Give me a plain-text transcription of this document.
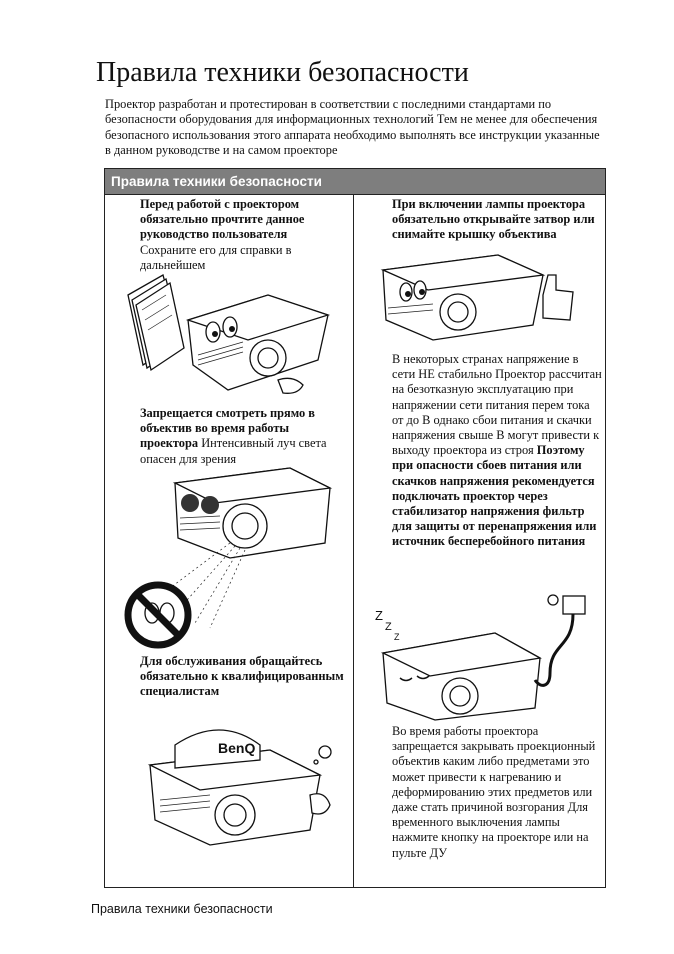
Правила техники безопасности

Проектор разработан и протестирован в соответствии с последними стандартами по безопасности оборудования для информационных технологий Тем не менее для обеспечения безопасного использования этого аппарата необходимо выполнять все инструкции указанные в данном руководстве и на самом проекторе

Правила техники безопасности

Перед работой с проектором обязательно прочтите данное руководство пользователя Сохраните его для справки в дальнейшем

Запрещается смотреть прямо в объектив во время работы проектора Интенсивный луч света опасен для зрения

Для обслуживания обращайтесь обязательно к квалифицированным специалистам

При включении лампы проектора обязательно открывайте затвор или снимайте крышку объектива

В некоторых странах напряжение в сети НЕ стабильно Проектор рассчитан на безотказную эксплуатацию при напряжении сети питания перем тока от до В однако сбои питания и скачки напряжения свыше В могут привести к выходу проектора из строя Поэтому при опасности сбоев питания или скачков напряжения рекомендуется подключать проектор через стабилизатор напряжения фильтр для защиты от перенапряжения или источник бесперебойного питания

Во время работы проектора запрещается закрывать проекционный объектив каким либо предметами это может привести к нагреванию и деформированию этих предметов или даже стать причиной возгорания Для временного выключения лампы нажмите кнопку на проекторе или на пульте ДУ

BenQ
Z
Z
Z
Правила техники безопасности
